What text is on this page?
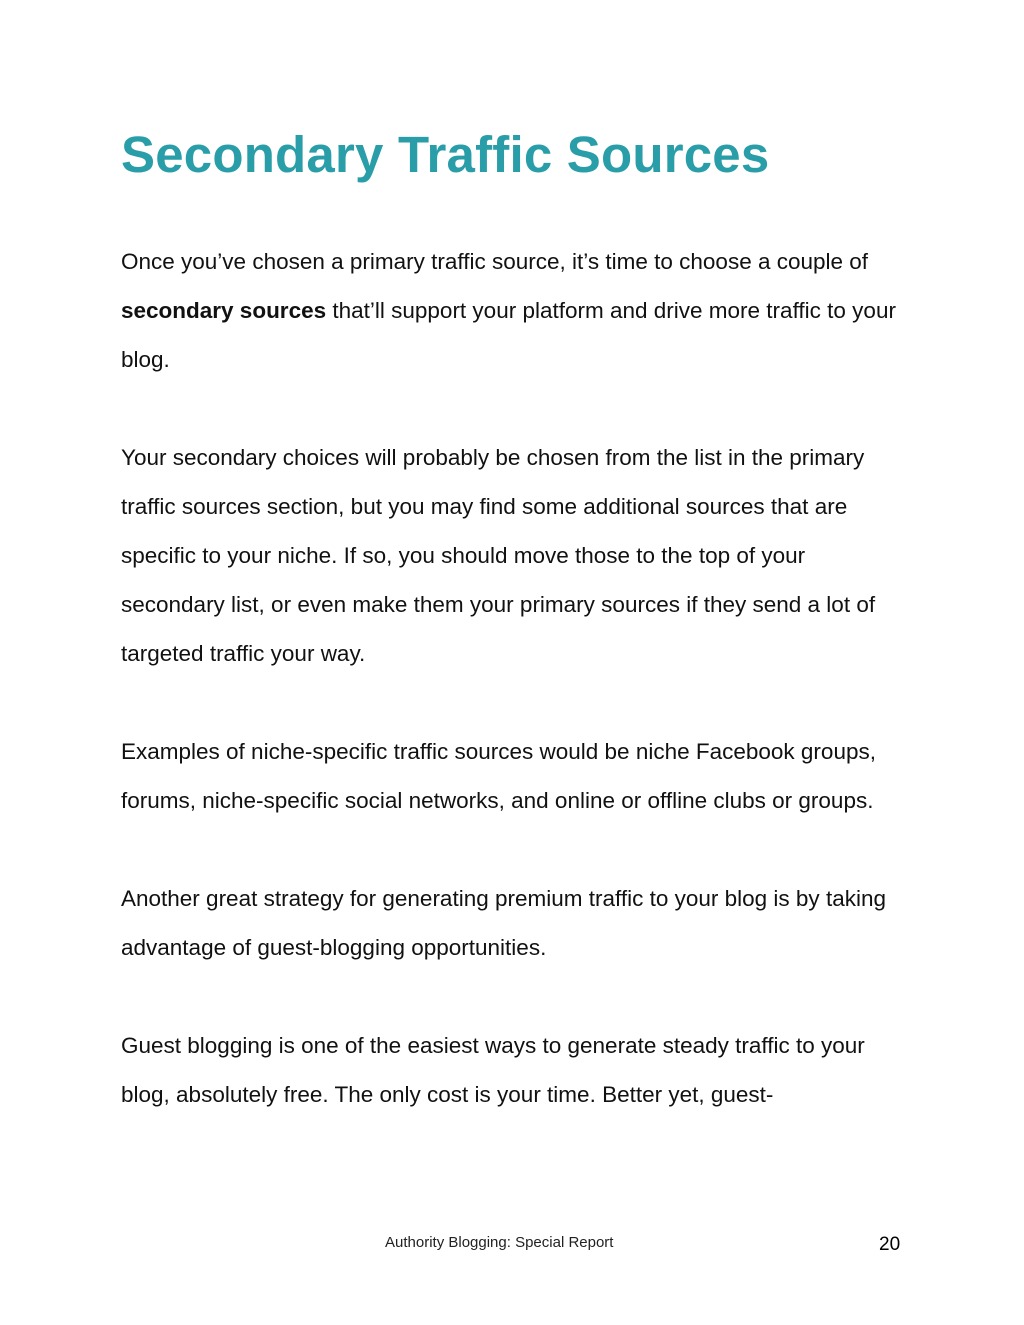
Secondary Traffic Sources

Once you’ve chosen a primary traffic source, it’s time to choose a couple of secondary sources that’ll support your platform and drive more traffic to your blog.

Your secondary choices will probably be chosen from the list in the primary traffic sources section, but you may find some additional sources that are specific to your niche. If so, you should move those to the top of your secondary list, or even make them your primary sources if they send a lot of targeted traffic your way.

Examples of niche-specific traffic sources would be niche Facebook groups, forums, niche-specific social networks, and online or offline clubs or groups.

Another great strategy for generating premium traffic to your blog is by taking advantage of guest-blogging opportunities.

Guest blogging is one of the easiest ways to generate steady traffic to your blog, absolutely free. The only cost is your time. Better yet, guest-

Authority Blogging: Special Report	20
